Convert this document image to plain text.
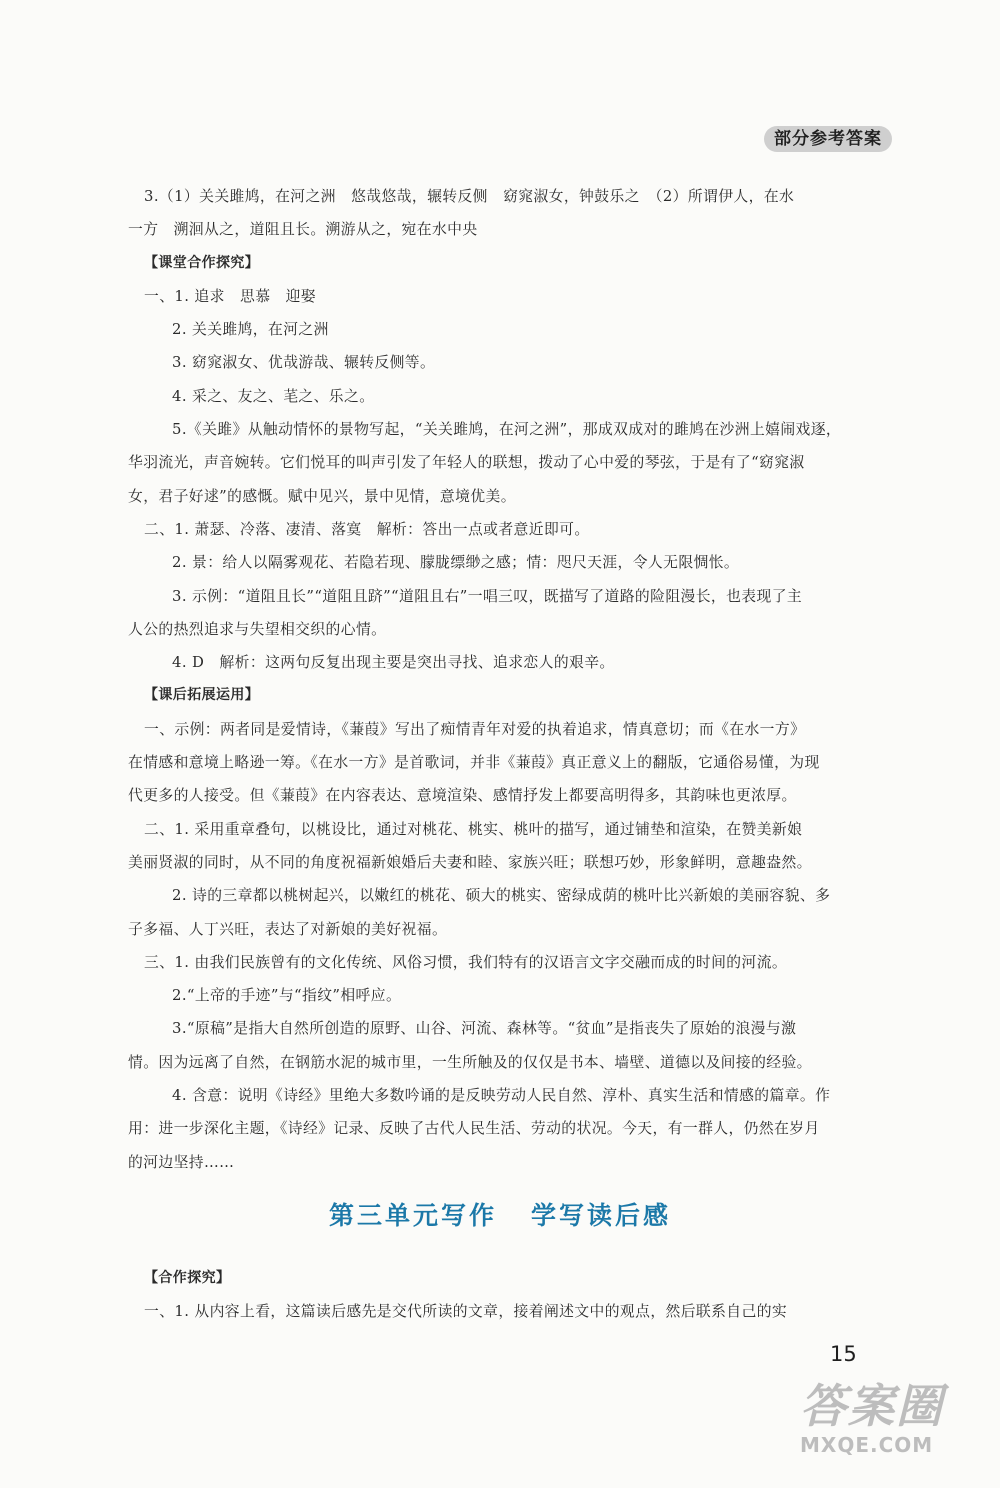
部分参考答案
3.（1）关关雎鸠，在河之洲　悠哉悠哉，辗转反侧　窈窕淑女，钟鼓乐之　（2）所谓伊人，在水
一方　溯洄从之，道阻且长。溯游从之，宛在水中央
【课堂合作探究】
一、1. 追求　思慕　迎娶
2. 关关雎鸠，在河之洲
3. 窈窕淑女、优哉游哉、辗转反侧等。
4. 采之、友之、芼之、乐之。
5.《关雎》从触动情怀的景物写起，“关关雎鸠，在河之洲”，那成双成对的雎鸠在沙洲上嬉闹戏逐，
华羽流光，声音婉转。它们悦耳的叫声引发了年轻人的联想，拨动了心中爱的琴弦，于是有了“窈窕淑
女，君子好逑”的感慨。赋中见兴，景中见情，意境优美。
二、1. 萧瑟、冷落、凄清、落寞　解析：答出一点或者意近即可。
2. 景：给人以隔雾观花、若隐若现、朦胧缥缈之感；情：咫尺天涯，令人无限惆怅。
3. 示例：“道阻且长”“道阻且跻”“道阻且右”一唱三叹，既描写了道路的险阻漫长，也表现了主
人公的热烈追求与失望相交织的心情。
4. D　解析：这两句反复出现主要是突出寻找、追求恋人的艰辛。
【课后拓展运用】
一、示例：两者同是爱情诗，《蒹葭》写出了痴情青年对爱的执着追求，情真意切；而《在水一方》
在情感和意境上略逊一筹。《在水一方》是首歌词，并非《蒹葭》真正意义上的翻版，它通俗易懂，为现
代更多的人接受。但《蒹葭》在内容表达、意境渲染、感情抒发上都要高明得多，其韵味也更浓厚。
二、1. 采用重章叠句，以桃设比，通过对桃花、桃实、桃叶的描写，通过铺垫和渲染，在赞美新娘
美丽贤淑的同时，从不同的角度祝福新娘婚后夫妻和睦、家族兴旺；联想巧妙，形象鲜明，意趣盎然。
2. 诗的三章都以桃树起兴，以嫩红的桃花、硕大的桃实、密绿成荫的桃叶比兴新娘的美丽容貌、多
子多福、人丁兴旺，表达了对新娘的美好祝福。
三、1. 由我们民族曾有的文化传统、风俗习惯，我们特有的汉语言文字交融而成的时间的河流。
2.“上帝的手迹”与“指纹”相呼应。
3.“原稿”是指大自然所创造的原野、山谷、河流、森林等。“贫血”是指丧失了原始的浪漫与激
情。因为远离了自然，在钢筋水泥的城市里，一生所触及的仅仅是书本、墙壁、道德以及间接的经验。
4. 含意：说明《诗经》里绝大多数吟诵的是反映劳动人民自然、淳朴、真实生活和情感的篇章。作
用：进一步深化主题，《诗经》记录、反映了古代人民生活、劳动的状况。今天，有一群人，仍然在岁月
的河边坚持……
第三单元写作 学写读后感
【合作探究】
一、1. 从内容上看，这篇读后感先是交代所读的文章，接着阐述文中的观点，然后联系自己的实
15
答案圈
MXQE.COM
